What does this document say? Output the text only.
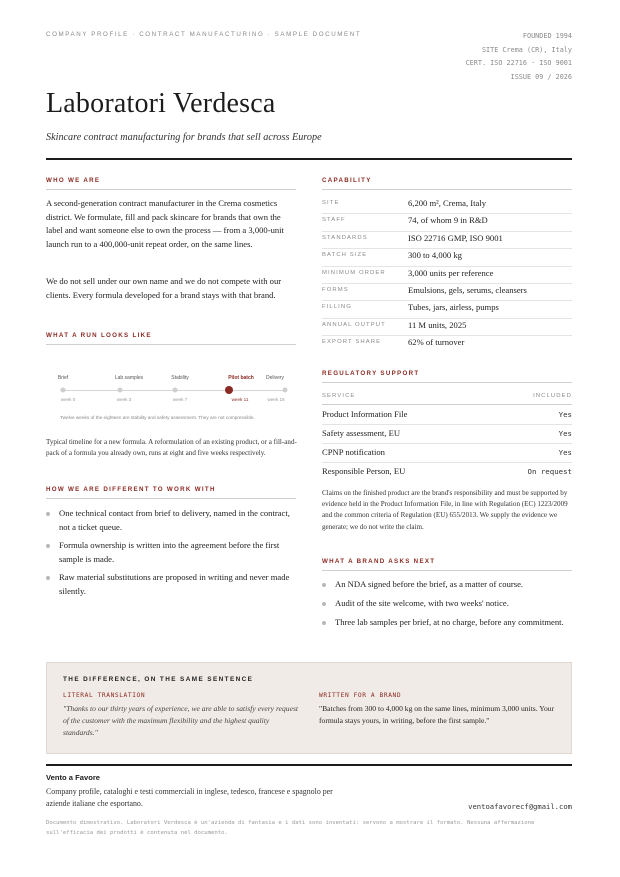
COMPANY PROFILE · CONTRACT MANUFACTURING · SAMPLE DOCUMENT	FOUNDED 1994
SITE Crema (CR), Italy
CERT. ISO 22716 · ISO 9001
ISSUE 09 / 2026
Laboratori Verdesca
Skincare contract manufacturing for brands that sell across Europe
WHO WE ARE
A second-generation contract manufacturer in the Crema cosmetics district. We formulate, fill and pack skincare for brands that own the label and want someone else to own the process — from a 3,000-unit launch run to a 400,000-unit repeat order, on the same lines.
We do not sell under our own name and we do not compete with our clients. Every formula developed for a brand stays with that brand.
WHAT A RUN LOOKS LIKE
Brief
week 0
Lab samples
week 3
Stability
week 7
Pilot batch
week 11
Delivery
week 18
Twelve weeks of the eighteen are stability and safety assessment. They are not compressible.
Typical timeline for a new formula. A reformulation of an existing product, or a fill-and-pack of a formula you already own, runs at eight and five weeks respectively.
HOW WE ARE DIFFERENT TO WORK WITH
One technical contact from brief to delivery, named in the contract, not a ticket queue.
Formula ownership is written into the agreement before the first sample is made.
Raw material substitutions are proposed in writing and never made silently.
CAPABILITY
SITE	6,200 m², Crema, Italy
STAFF	74, of whom 9 in R&D
STANDARDS	ISO 22716 GMP, ISO 9001
BATCH SIZE	300 to 4,000 kg
MINIMUM ORDER	3,000 units per reference
FORMS	Emulsions, gels, serums, cleansers
FILLING	Tubes, jars, airless, pumps
ANNUAL OUTPUT	11 M units, 2025
EXPORT SHARE	62% of turnover
REGULATORY SUPPORT
SERVICE	INCLUDED
Product Information File	Yes
Safety assessment, EU	Yes
CPNP notification	Yes
Responsible Person, EU	On request
Claims on the finished product are the brand's responsibility and must be supported by evidence held in the Product Information File, in line with Regulation (EC) 1223/2009 and the common criteria of Regulation (EU) 655/2013. We supply the evidence we generate; we do not write the claim.
WHAT A BRAND ASKS NEXT
An NDA signed before the brief, as a matter of course.
Audit of the site welcome, with two weeks' notice.
Three lab samples per brief, at no charge, before any commitment.
THE DIFFERENCE, ON THE SAME SENTENCE
LITERAL TRANSLATION
"Thanks to our thirty years of experience, we are able to satisfy every request of the customer with the maximum flexibility and the highest quality standards."
WRITTEN FOR A BRAND
"Batches from 300 to 4,000 kg on the same lines, minimum 3,000 units. Your formula stays yours, in writing, before the first sample."
Vento a Favore
Company profile, cataloghi e testi commerciali in inglese, tedesco, francese e spagnolo per aziende italiane che esportano.	ventoafavorecf@gmail.com
Documento dimostrativo. Laboratori Verdesca è un'azienda di fantasia e i dati sono inventati: servono a mostrare il formato. Nessuna affermazione sull'efficacia dei prodotti è contenuta nel documento.
